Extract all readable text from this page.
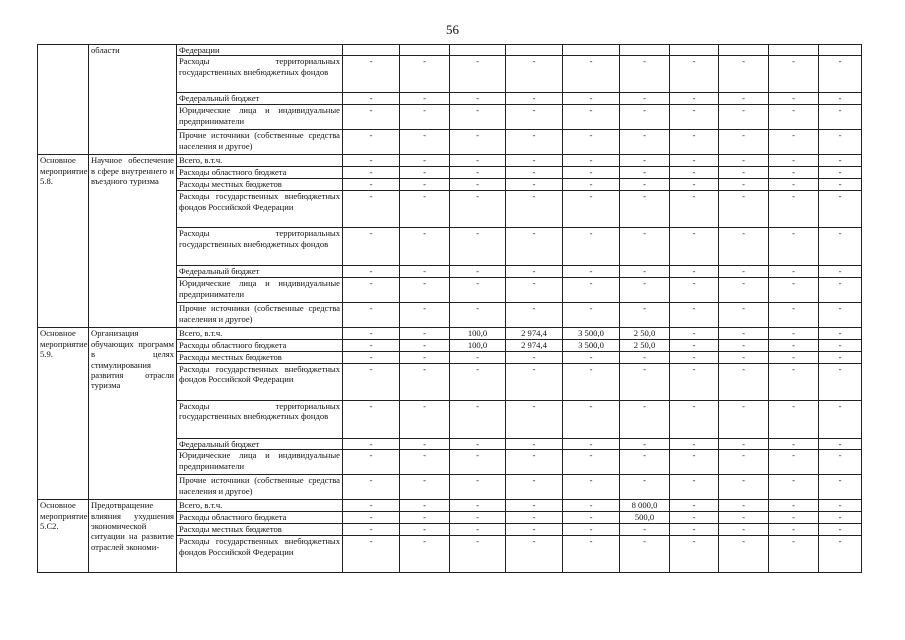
56
	области	Федерации										
		Расходы территориальных государственных внебюджетных фондов	-	-	-	-	-	-	-	-	-	-
		Федеральный бюджет	-	-	-	-	-	-	-	-	-	-
		Юридические лица и индивидуальные предприниматели	-	-	-	-	-	-	-	-	-	-
		Прочие источники (собственные средства населения и другое)	-	-	-	-	-	-	-	-	-	-
Основное мероприятие 5.8.	Научное обеспечение в сфере внутреннего и въездного туризма	Всего, в.т.ч.	-	-	-	-	-	-	-	-	-	-
		Расходы областного бюджета	-	-	-	-	-	-	-	-	-	-
		Расходы местных бюджетов	-	-	-	-	-	-	-	-	-	-
		Расходы государственных внебюджетных фондов Российской Федерации	-	-	-	-	-	-	-	-	-	-
		Расходы территориальных государственных внебюджетных фондов	-	-	-	-	-	-	-	-	-	-
		Федеральный бюджет	-	-	-	-	-	-	-	-	-	-
		Юридические лица и индивидуальные предприниматели	-	-	-	-	-	-	-	-	-	-
		Прочие источники (собственные средства населения и другое)	-	-	-	-	-	-	-	-	-	-
Основное мероприятие 5.9.	Организация обучающих программ в целях стимулирования развития отрасли туризма	Всего, в.т.ч.	-	-	100,0	2 974,4	3 500,0	2 50,0	-	-	-	-
		Расходы областного бюджета	-	-	100,0	2 974,4	3 500,0	2 50,0	-	-	-	-
		Расходы местных бюджетов	-	-	-	-	-	-	-	-	-	-
		Расходы государственных внебюджетных фондов Российской Федерации	-	-	-	-	-	-	-	-	-	-
		Расходы территориальных государственных внебюджетных фондов	-	-	-	-	-	-	-	-	-	-
		Федеральный бюджет	-	-	-	-	-	-	-	-	-	-
		Юридические лица и индивидуальные предприниматели	-	-	-	-	-	-	-	-	-	-
		Прочие источники (собственные средства населения и другое)	-	-	-	-	-	-	-	-	-	-
Основное мероприятие 5.С2.	Предотвращение влияния ухудшения экономической ситуации на развитие отраслей экономи-	Всего, в.т.ч.	-	-	-	-	-	8 000,0	-	-	-	-
		Расходы областного бюджета	-	-	-	-	-	500,0	-	-	-	-
		Расходы местных бюджетов	-	-	-	-	-	-	-	-	-	-
		Расходы государственных внебюджетных фондов Российской Федерации	-	-	-	-	-	-	-	-	-	-
